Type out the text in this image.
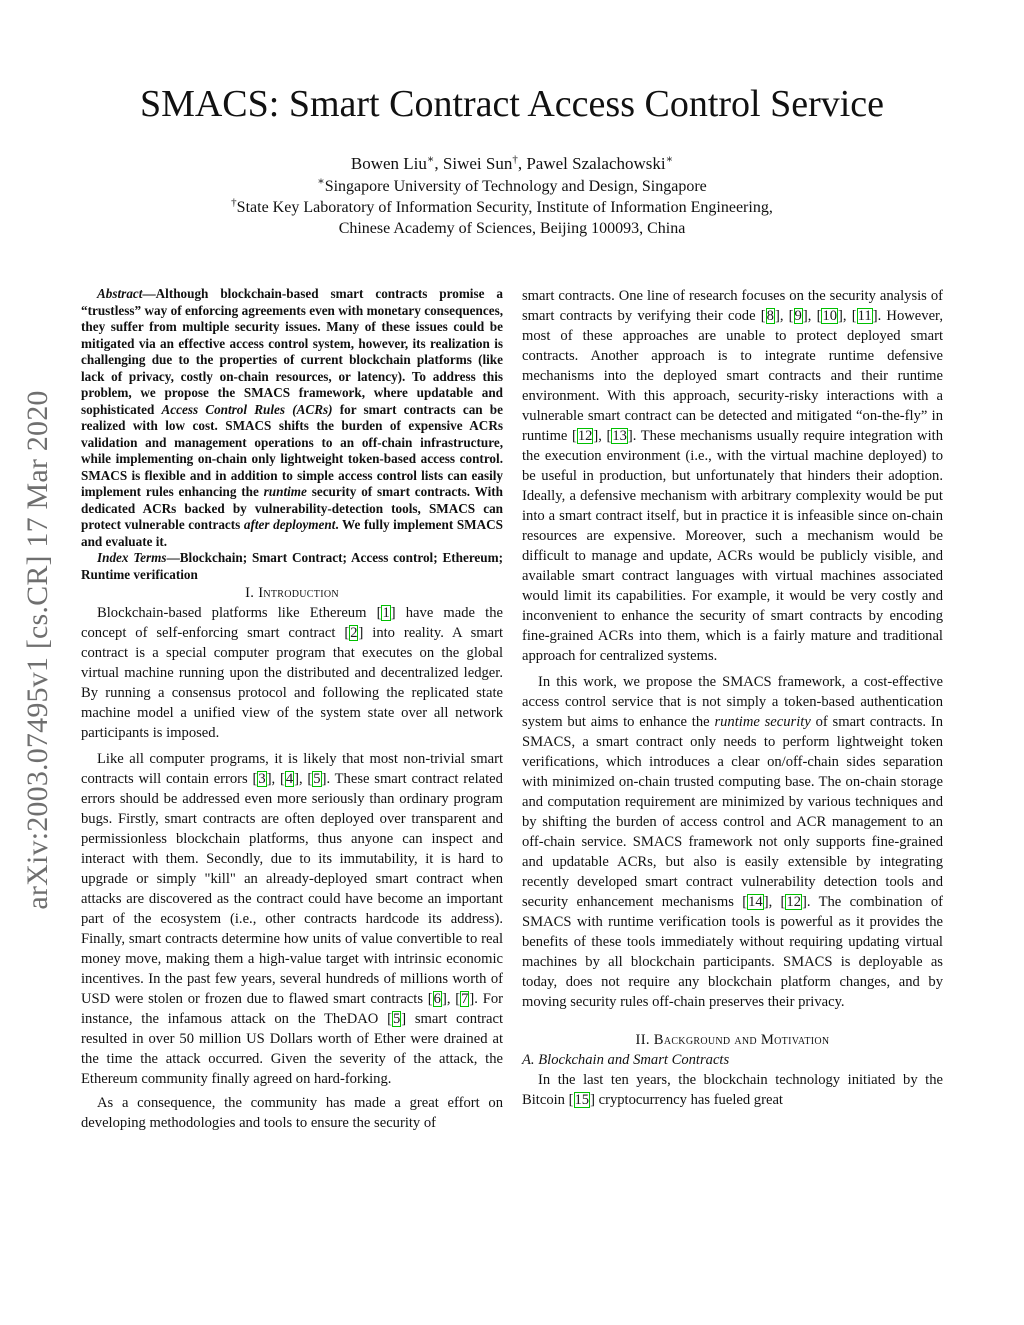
arXiv:2003.07495v1 [cs.CR] 17 Mar 2020
SMACS: Smart Contract Access Control Service
Bowen Liu∗, Siwei Sun†, Pawel Szalachowski∗
∗Singapore University of Technology and Design, Singapore
†State Key Laboratory of Information Security, Institute of Information Engineering,
Chinese Academy of Sciences, Beijing 100093, China

Abstract—Although blockchain-based smart contracts promise a “trustless” way of enforcing agreements even with monetary consequences, they suffer from multiple security issues. Many of these issues could be mitigated via an effective access control system, however, its realization is challenging due to the properties of current blockchain platforms (like lack of privacy, costly on-chain resources, or latency). To address this problem, we propose the SMACS framework, where updatable and sophisticated Access Control Rules (ACRs) for smart contracts can be realized with low cost. SMACS shifts the burden of expensive ACRs validation and management operations to an off-chain infrastructure, while implementing on-chain only lightweight token-based access control. SMACS is flexible and in addition to simple access control lists can easily implement rules enhancing the runtime security of smart contracts. With dedicated ACRs backed by vulnerability-detection tools, SMACS can protect vulnerable contracts after deployment. We fully implement SMACS and evaluate it.

Index Terms—Blockchain; Smart Contract; Access control; Ethereum; Runtime verification

I. Introduction

Blockchain-based platforms like Ethereum [1] have made the concept of self-enforcing smart contract [2] into reality. A smart contract is a special computer program that executes on the global virtual machine running upon the distributed and decentralized ledger. By running a consensus protocol and following the replicated state machine model a unified view of the system state over all network participants is imposed.

Like all computer programs, it is likely that most non-trivial smart contracts will contain errors [3], [4], [5]. These smart contract related errors should be addressed even more seriously than ordinary program bugs. Firstly, smart contracts are often deployed over transparent and permissionless blockchain platforms, thus anyone can inspect and interact with them. Secondly, due to its immutability, it is hard to upgrade or simply "kill" an already-deployed smart contract when attacks are discovered as the contract could have become an important part of the ecosystem (i.e., other contracts hardcode its address). Finally, smart contracts determine how units of value convertible to real money move, making them a high-value target with intrinsic economic incentives. In the past few years, several hundreds of millions worth of USD were stolen or frozen due to flawed smart contracts [6], [7]. For instance, the infamous attack on the TheDAO [5] smart contract resulted in over 50 million US Dollars worth of Ether were drained at the time the attack occurred. Given the severity of the attack, the Ethereum community finally agreed on hard-forking.

As a consequence, the community has made a great effort on developing methodologies and tools to ensure the security of

smart contracts. One line of research focuses on the security analysis of smart contracts by verifying their code [8], [9], [10], [11]. However, most of these approaches are unable to protect deployed smart contracts. Another approach is to integrate runtime defensive mechanisms into the deployed smart contracts and their runtime environment. With this approach, security-risky interactions with a vulnerable smart contract can be detected and mitigated “on-the-fly” in runtime [12], [13]. These mechanisms usually require integration with the execution environment (i.e., with the virtual machine deployed) to be useful in production, but unfortunately that hinders their adoption. Ideally, a defensive mechanism with arbitrary complexity would be put into a smart contract itself, but in practice it is infeasible since on-chain resources are expensive. Moreover, such a mechanism would be difficult to manage and update, ACRs would be publicly visible, and available smart contract languages with virtual machines associated would limit its capabilities. For example, it would be very costly and inconvenient to enhance the security of smart contracts by encoding fine-grained ACRs into them, which is a fairly mature and traditional approach for centralized systems.

In this work, we propose the SMACS framework, a cost-effective access control service that is not simply a token-based authentication system but aims to enhance the runtime security of smart contracts. In SMACS, a smart contract only needs to perform lightweight token verifications, which introduces a clear on/off-chain sides separation with minimized on-chain trusted computing base. The on-chain storage and computation requirement are minimized by various techniques and by shifting the burden of access control and ACR management to an off-chain service. SMACS framework not only supports fine-grained and updatable ACRs, but also is easily extensible by integrating recently developed smart contract vulnerability detection tools and security enhancement mechanisms [14], [12]. The combination of SMACS with runtime verification tools is powerful as it provides the benefits of these tools immediately without requiring updating virtual machines by all blockchain participants. SMACS is deployable as today, does not require any blockchain platform changes, and by moving security rules off-chain preserves their privacy.

II. Background and Motivation

A. Blockchain and Smart Contracts

In the last ten years, the blockchain technology initiated by the Bitcoin [15] cryptocurrency has fueled great
